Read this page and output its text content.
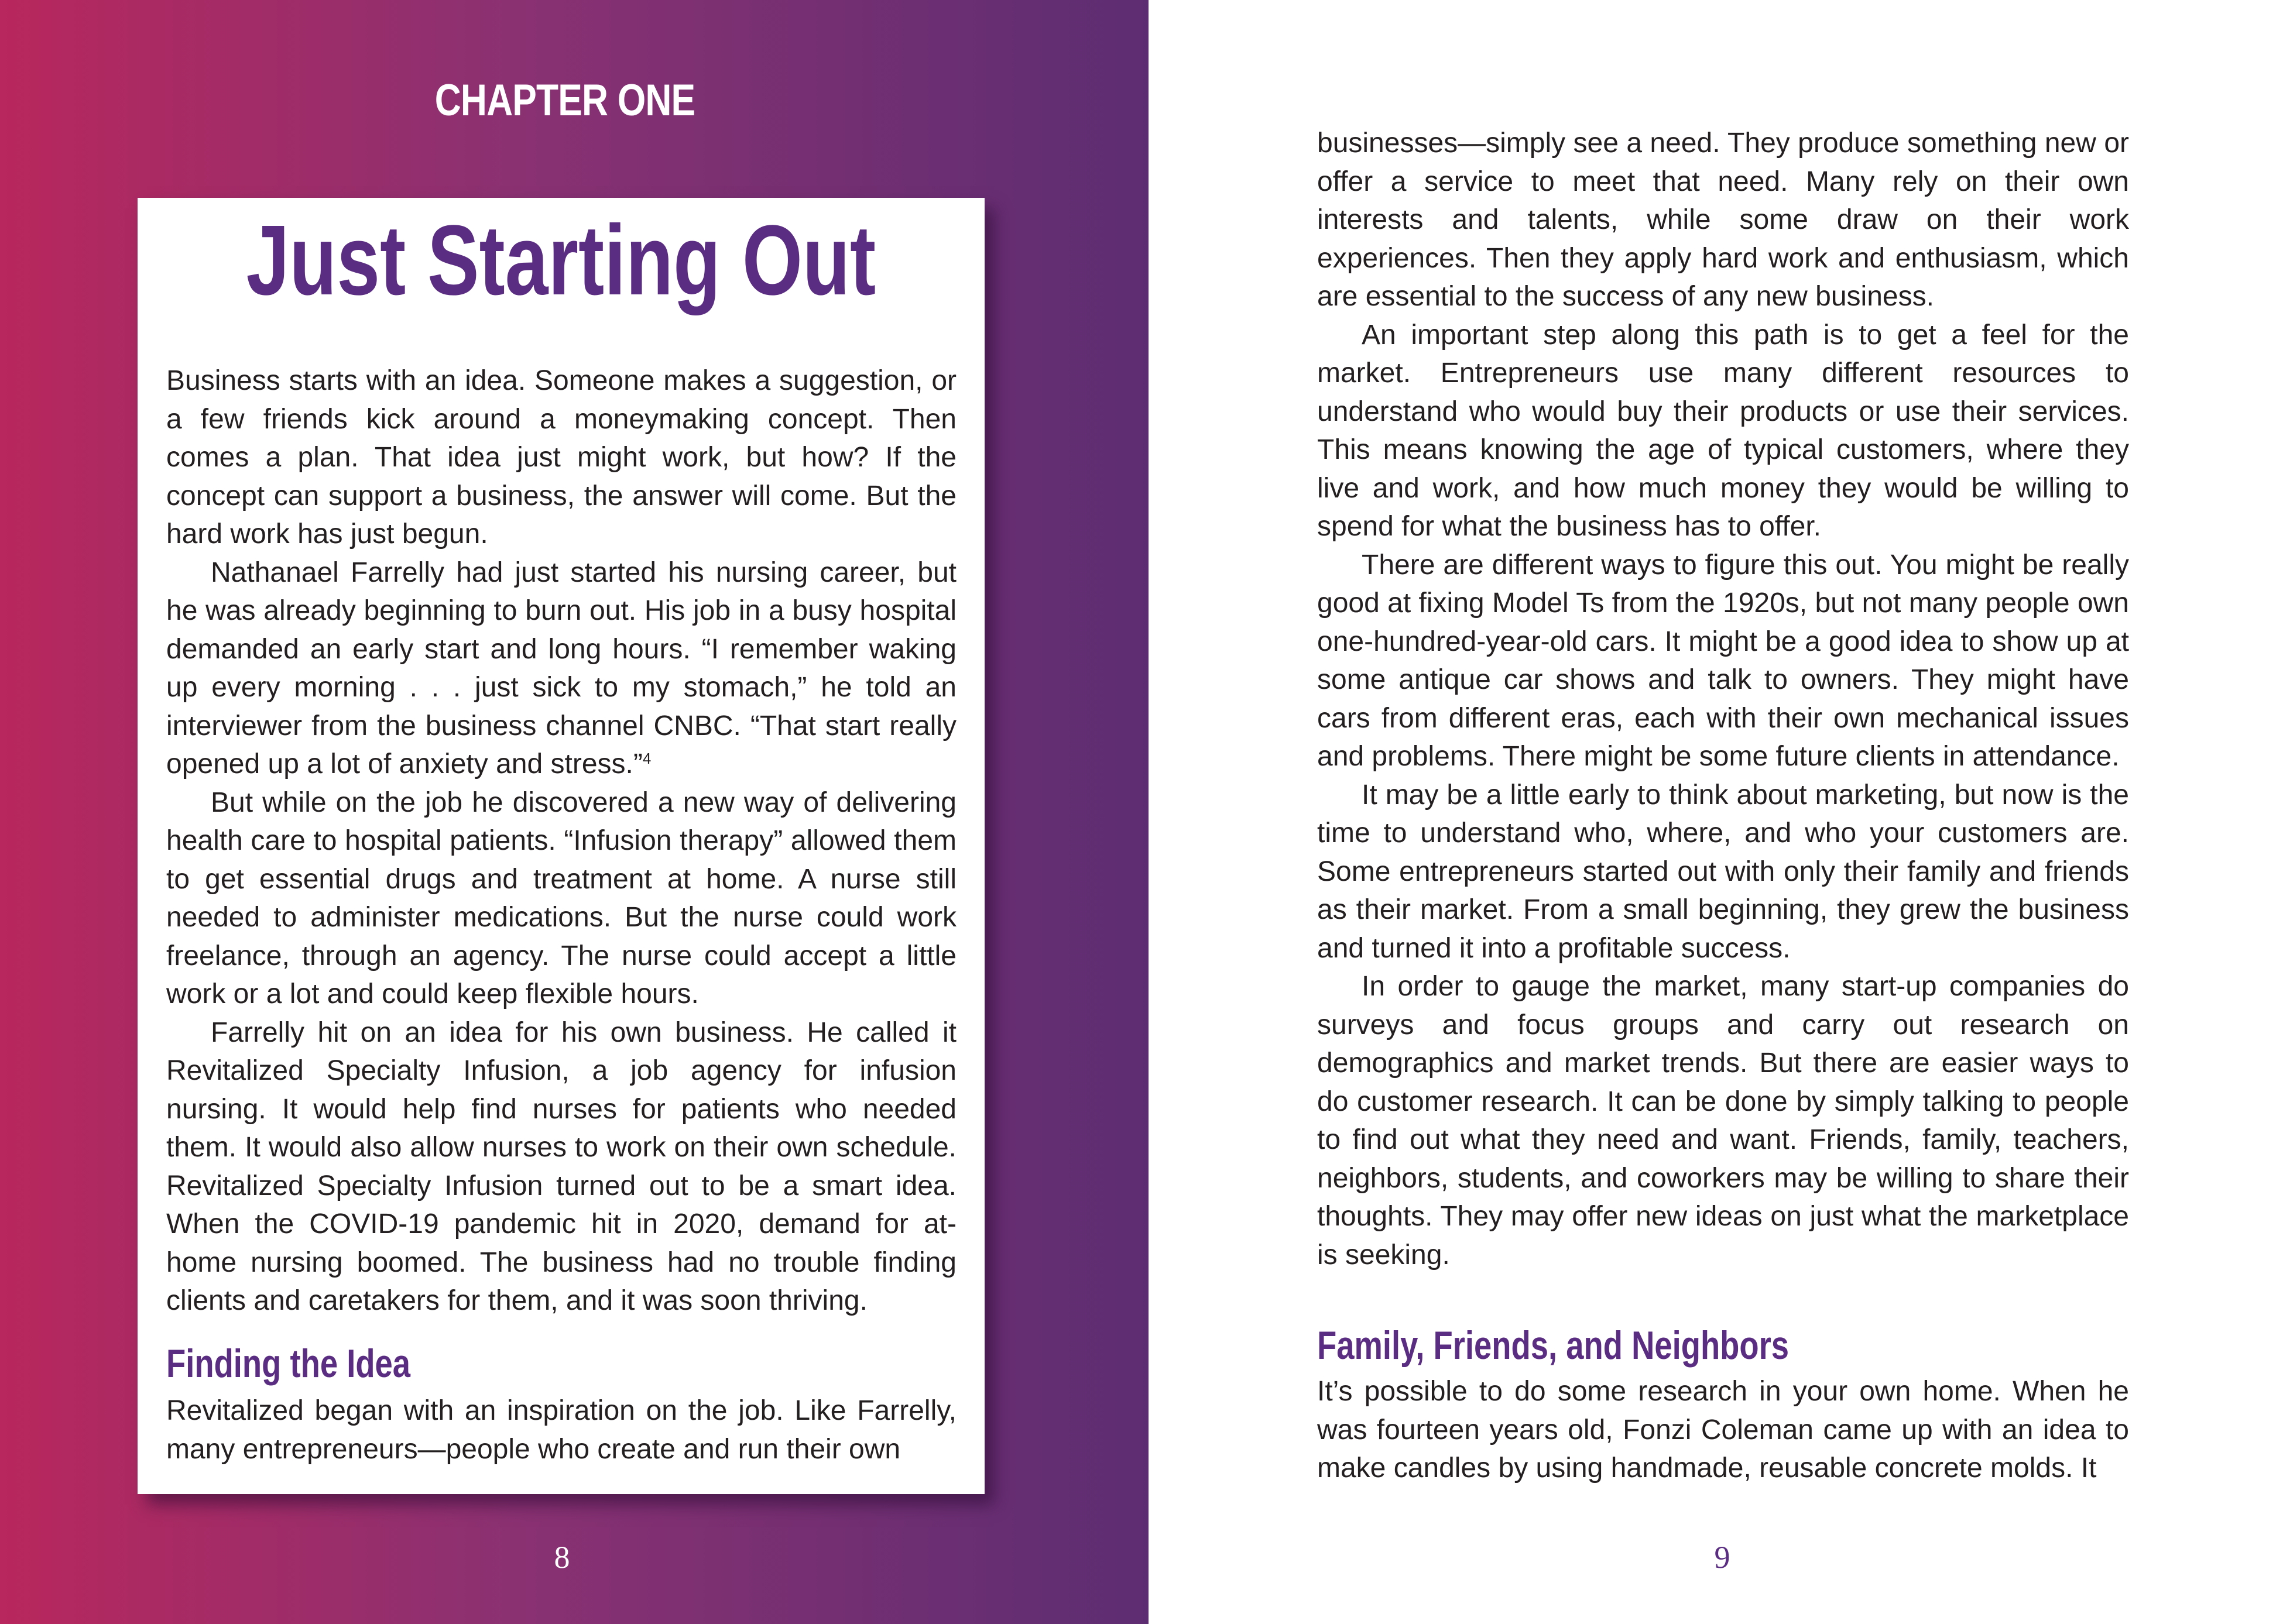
CHAPTER ONE
Just Starting Out

Business starts with an idea. Someone makes a suggestion, or a few friends kick around a moneymaking concept. Then comes a plan. That idea just might work, but how? If the concept can support a business, the answer will come. But the hard work has just begun.

Nathanael Farrelly had just started his nursing career, but he was already beginning to burn out. His job in a busy hospital demanded an early start and long hours. “I remember waking up every morning . . . just sick to my stomach,” he told an interviewer from the business channel CNBC. “That start really opened up a lot of anxiety and stress.”$^4$

But while on the job he discovered a new way of delivering health care to hospital patients. “Infusion therapy” allowed them to get essential drugs and treatment at home. A nurse still needed to administer medications. But the nurse could work freelance, through an agency. The nurse could accept a little work or a lot and could keep flexible hours.

Farrelly hit on an idea for his own business. He called it Revitalized Specialty Infusion, a job agency for infusion nursing. It would help find nurses for patients who needed them. It would also allow nurses to work on their own schedule. Revitalized Specialty Infusion turned out to be a smart idea. When the COVID-19 pandemic hit in 2020, demand for at-home nursing boomed. The business had no trouble finding clients and caretakers for them, and it was soon thriving.

Finding the Idea

Revitalized began with an inspiration on the job. Like Farrelly, many entrepreneurs—people who create and run their own

8

businesses—simply see a need. They produce something new or offer a service to meet that need. Many rely on their own interests and talents, while some draw on their work experiences. Then they apply hard work and enthusiasm, which are essential to the success of any new business.

An important step along this path is to get a feel for the market. Entrepreneurs use many different resources to understand who would buy their products or use their services. This means knowing the age of typical customers, where they live and work, and how much money they would be willing to spend for what the business has to offer.

There are different ways to figure this out. You might be really good at fixing Model Ts from the 1920s, but not many people own one-hundred-year-old cars. It might be a good idea to show up at some antique car shows and talk to owners. They might have cars from different eras, each with their own mechanical issues and problems. There might be some future clients in attendance.

It may be a little early to think about marketing, but now is the time to understand who, where, and who your customers are. Some entrepreneurs started out with only their family and friends as their market. From a small beginning, they grew the business and turned it into a profitable success.

In order to gauge the market, many start-up companies do surveys and focus groups and carry out research on demographics and market trends. But there are easier ways to do customer research. It can be done by simply talking to people to find out what they need and want. Friends, family, teachers, neighbors, students, and coworkers may be willing to share their thoughts. They may offer new ideas on just what the marketplace is seeking.

Family, Friends, and Neighbors

It’s possible to do some research in your own home. When he was fourteen years old, Fonzi Coleman came up with an idea to make candles by using handmade, reusable concrete molds. It

9
